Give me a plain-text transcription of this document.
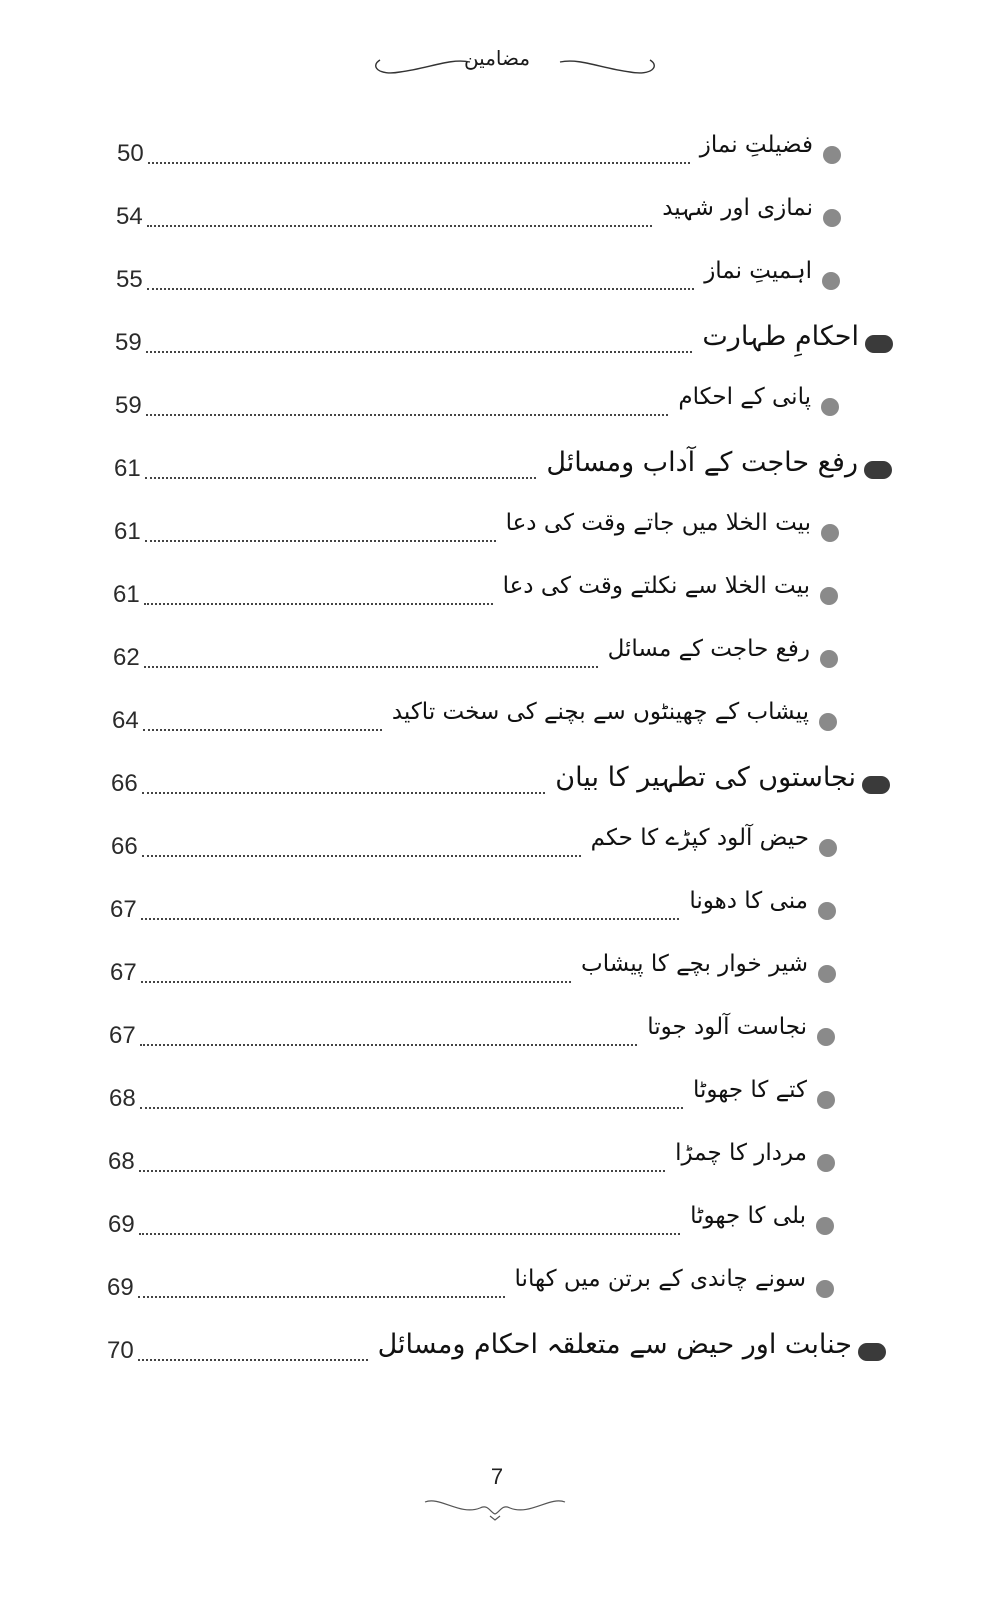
مضامین
50	فضیلتِ نماز
54	نمازی اور شہید
55	اہمیتِ نماز
59	احکامِ طہارت
59	پانی کے احکام
61	رفع حاجت کے آداب ومسائل
61	بیت الخلا میں جاتے وقت کی دعا
61	بیت الخلا سے نکلتے وقت کی دعا
62	رفع حاجت کے مسائل
64	پیشاب کے چھینٹوں سے بچنے کی سخت تاکید
66	نجاستوں کی تطہیر کا بیان
66	حیض آلود کپڑے کا حکم
67	منی کا دھونا
67	شیر خوار بچے کا پیشاب
67	نجاست آلود جوتا
68	کتے کا جھوٹا
68	مردار کا چمڑا
69	بلی کا جھوٹا
69	سونے چاندی کے برتن میں کھانا
70	جنابت اور حیض سے متعلقہ احکام ومسائل
7
